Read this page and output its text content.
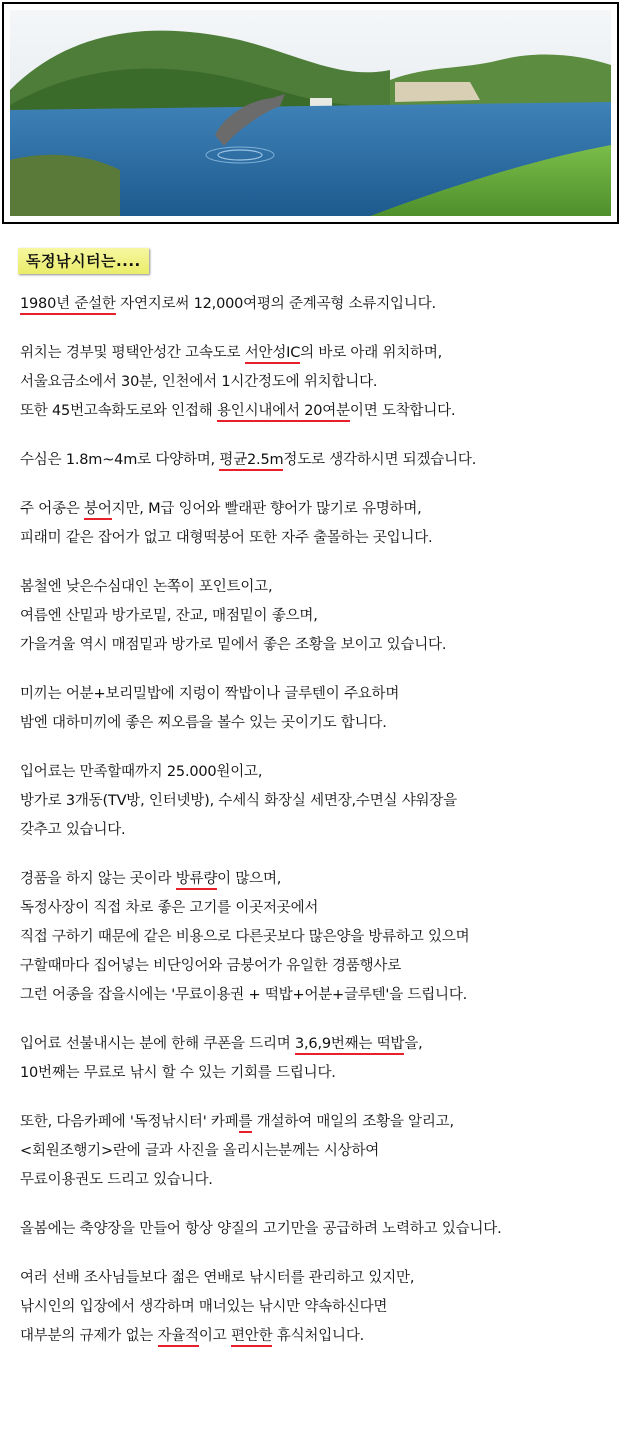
독정낚시터는....
1980년 준설한 자연지로써 12,000여평의 준계곡형 소류지입니다.
위치는 경부및 평택안성간 고속도로 서안성IC의 바로 아래 위치하며,
서울요금소에서 30분, 인천에서 1시간정도에 위치합니다.
또한 45번고속화도로와 인접해 용인시내에서 20여분이면 도착합니다.
수심은 1.8m~4m로 다양하며, 평균2.5m정도로 생각하시면 되겠습니다.
주 어종은 붕어지만, M급 잉어와 빨래판 향어가 많기로 유명하며,
피래미 같은 잡어가 없고 대형떡붕어 또한 자주 출몰하는 곳입니다.
봄철엔 낮은수심대인 논쪽이 포인트이고,
여름엔 산밑과 방가로밑, 잔교, 매점밑이 좋으며,
가을겨울 역시 매점밑과 방가로 밑에서 좋은 조황을 보이고 있습니다.
미끼는 어분+보리밀밥에 지렁이 짝밥이나 글루텐이 주요하며
밤엔 대하미끼에 좋은 찌오름을 볼수 있는 곳이기도 합니다.
입어료는 만족할때까지 25.000원이고,
방가로 3개동(TV방, 인터넷방), 수세식 화장실 세면장,수면실 샤워장을
갖추고 있습니다.
경품을 하지 않는 곳이라 방류량이 많으며,
독정사장이 직접 차로 좋은 고기를 이곳저곳에서
직접 구하기 때문에 같은 비용으로 다른곳보다 많은양을 방류하고 있으며
구할때마다 집어넣는 비단잉어와 금붕어가 유일한 경품행사로
그런 어종을 잡을시에는 '무료이용권 + 떡밥+어분+글루텐'을 드립니다.
입어료 선불내시는 분에 한해 쿠폰을 드리며 3,6,9번째는 떡밥을,
10번째는 무료로 낚시 할 수 있는 기회를 드립니다.
또한, 다음카페에 '독정낚시터' 카페를 개설하여 매일의 조황을 알리고,
<회원조행기>란에 글과 사진을 올리시는분께는 시상하여
무료이용권도 드리고 있습니다.
올봄에는 축양장을 만들어 항상 양질의 고기만을 공급하려 노력하고 있습니다.
여러 선배 조사님들보다 젊은 연배로 낚시터를 관리하고 있지만,
낚시인의 입장에서 생각하며 매너있는 낚시만 약속하신다면
대부분의 규제가 없는 자율적이고 편안한 휴식처입니다.
